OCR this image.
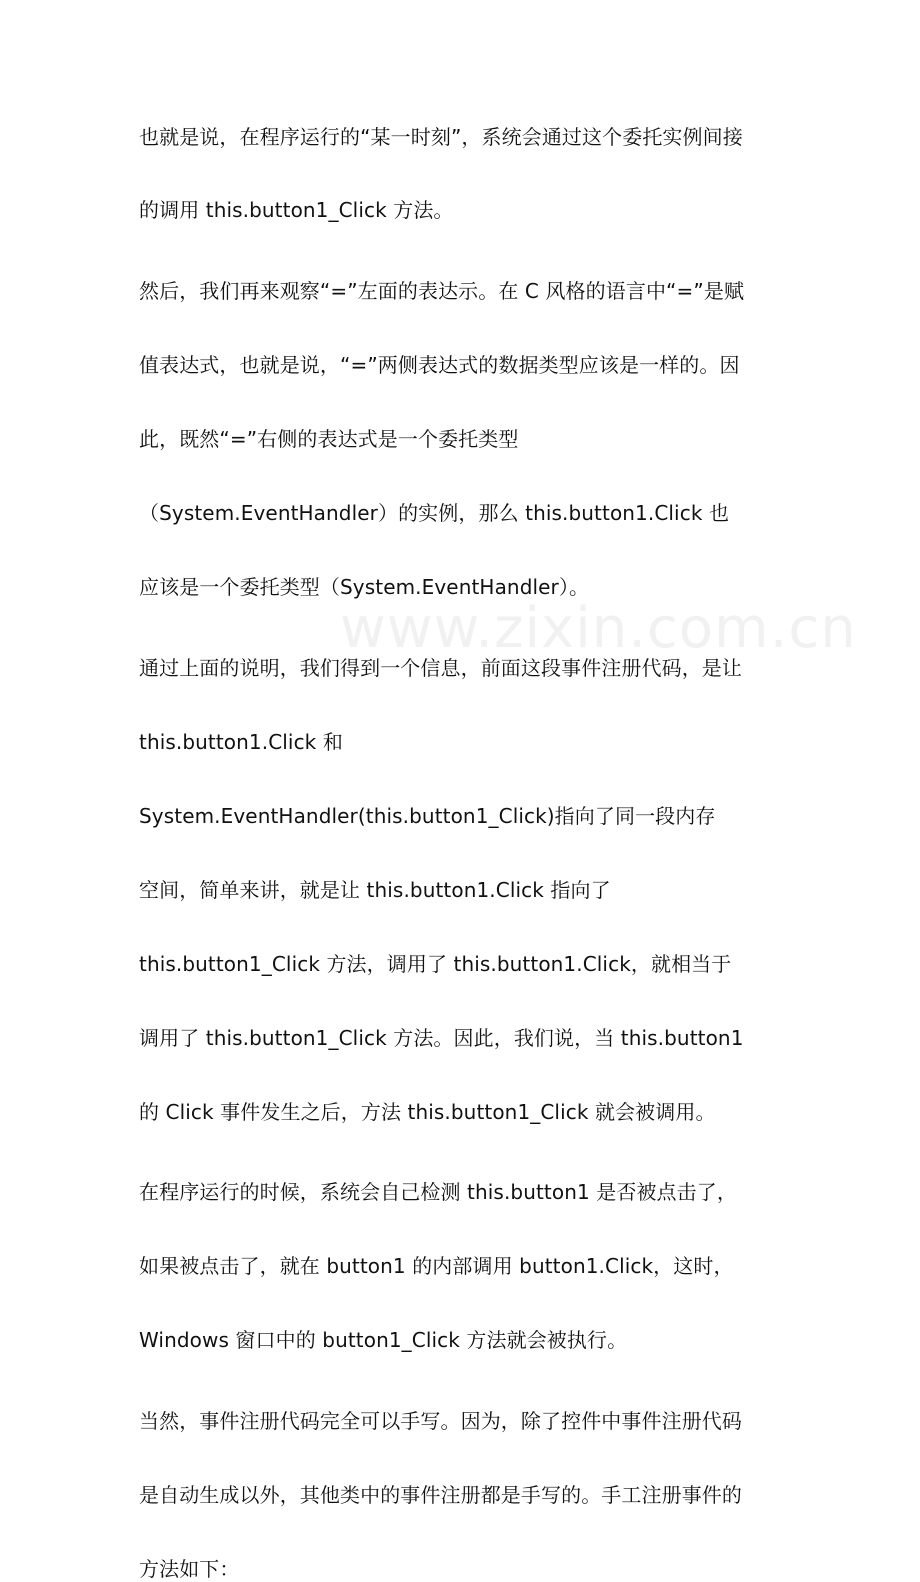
www.zixin.com.cn
也就是说，在程序运行的“某一时刻”，系统会通过这个委托实例间接
的调用 this.button1_Click 方法。
然后，我们再来观察“=”左面的表达示。在 C 风格的语言中“=”是赋
值表达式，也就是说，“=”两侧表达式的数据类型应该是一样的。因
此，既然“=”右侧的表达式是一个委托类型
（System.EventHandler）的实例，那么 this.button1.Click 也
应该是一个委托类型（System.EventHandler）。
通过上面的说明，我们得到一个信息，前面这段事件注册代码，是让
this.button1.Click 和
System.EventHandler(this.button1_Click)指向了同一段内存
空间，简单来讲，就是让 this.button1.Click 指向了
this.button1_Click 方法，调用了 this.button1.Click，就相当于
调用了 this.button1_Click 方法。因此，我们说，当 this.button1
的 Click 事件发生之后，方法 this.button1_Click 就会被调用。
在程序运行的时候，系统会自己检测 this.button1 是否被点击了，
如果被点击了，就在 button1 的内部调用 button1.Click，这时，
Windows 窗口中的 button1_Click 方法就会被执行。
当然，事件注册代码完全可以手写。因为，除了控件中事件注册代码
是自动生成以外，其他类中的事件注册都是手写的。手工注册事件的
方法如下：
